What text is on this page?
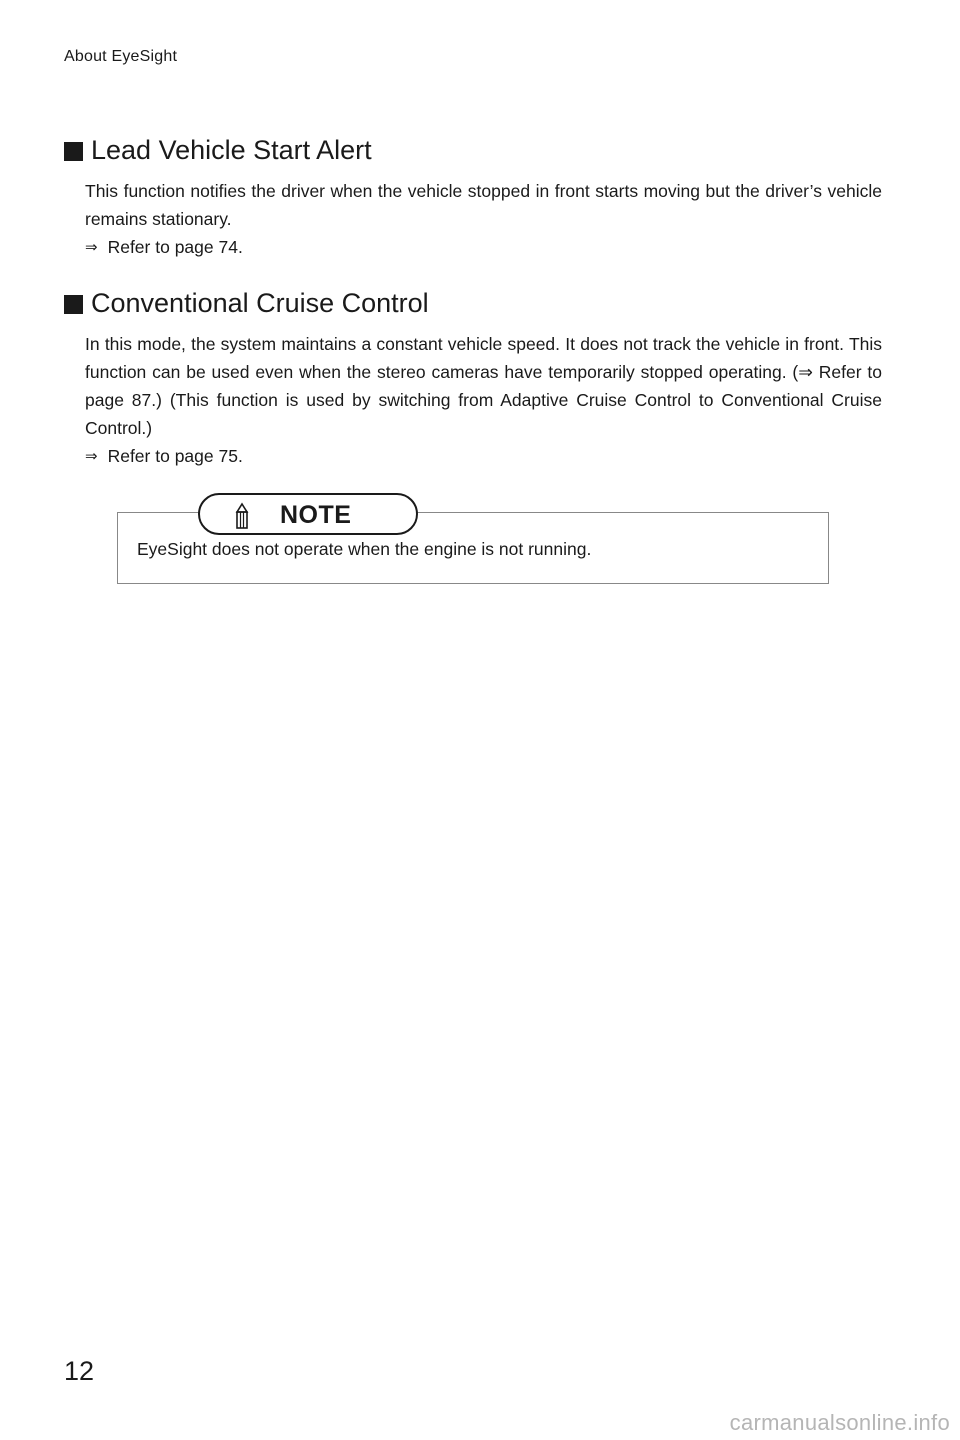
About EyeSight
Lead Vehicle Start Alert

This function notifies the driver when the vehicle stopped in front starts moving but the driver’s vehicle remains stationary.

⇒ Refer to page 74.
Conventional Cruise Control

In this mode, the system maintains a constant vehicle speed. It does not track the vehicle in front. This function can be used even when the stereo cameras have temporarily stopped operating. (⇒ Refer to page 87.) (This function is used by switching from Adaptive Cruise Control to Conventional Cruise Control.)

⇒ Refer to page 75.
NOTE
EyeSight does not operate when the engine is not running.
12
carmanualsonline.info
